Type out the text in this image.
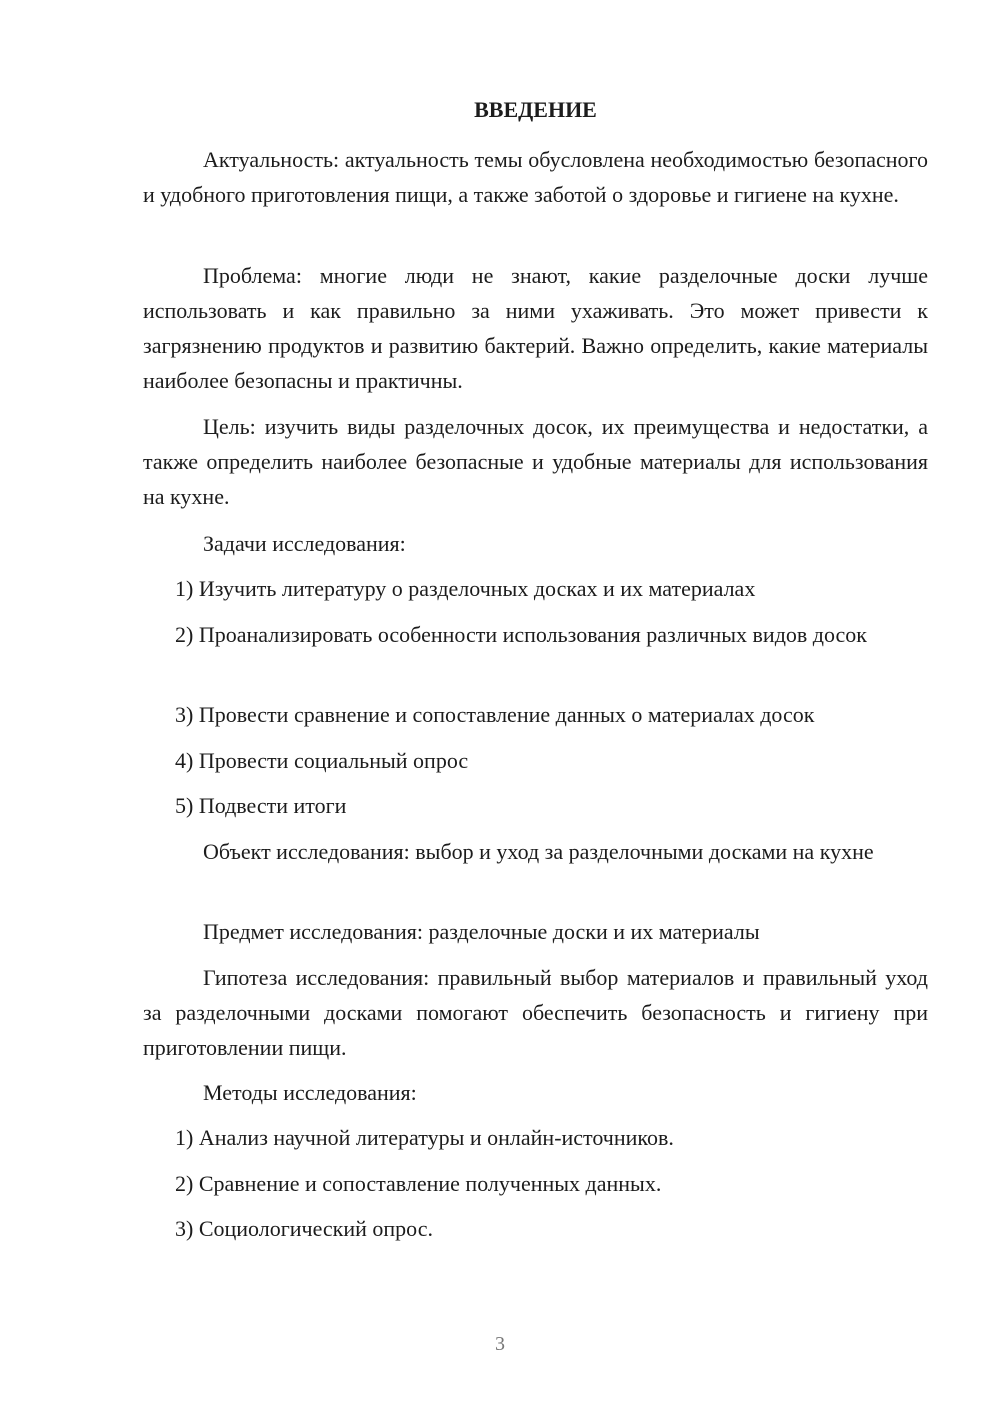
ВВЕДЕНИЕ

Актуальность: актуальность темы обусловлена необходимостью безопасного и удобного приготовления пищи, а также заботой о здоровье и гигиене на кухне.

Проблема: многие люди не знают, какие разделочные доски лучше использовать и как правильно за ними ухаживать. Это может привести к загрязнению продуктов и развитию бактерий. Важно определить, какие материалы наиболее безопасны и практичны.

Цель: изучить виды разделочных досок, их преимущества и недостатки, а также определить наиболее безопасные и удобные материалы для использования на кухне.

Задачи исследования:

1) Изучить литературу о разделочных досках и их материалах

2) Проанализировать особенности использования различных видов досок

3) Провести сравнение и сопоставление данных о материалах досок

4) Провести социальный опрос

5) Подвести итоги

Объект исследования: выбор и уход за разделочными досками на кухне

Предмет исследования: разделочные доски и их материалы

Гипотеза исследования: правильный выбор материалов и правильный уход за разделочными досками помогают обеспечить безопасность и гигиену при приготовлении пищи.

Методы исследования:

1) Анализ научной литературы и онлайн-источников.

2) Сравнение и сопоставление полученных данных.

3) Социологический опрос.

3
